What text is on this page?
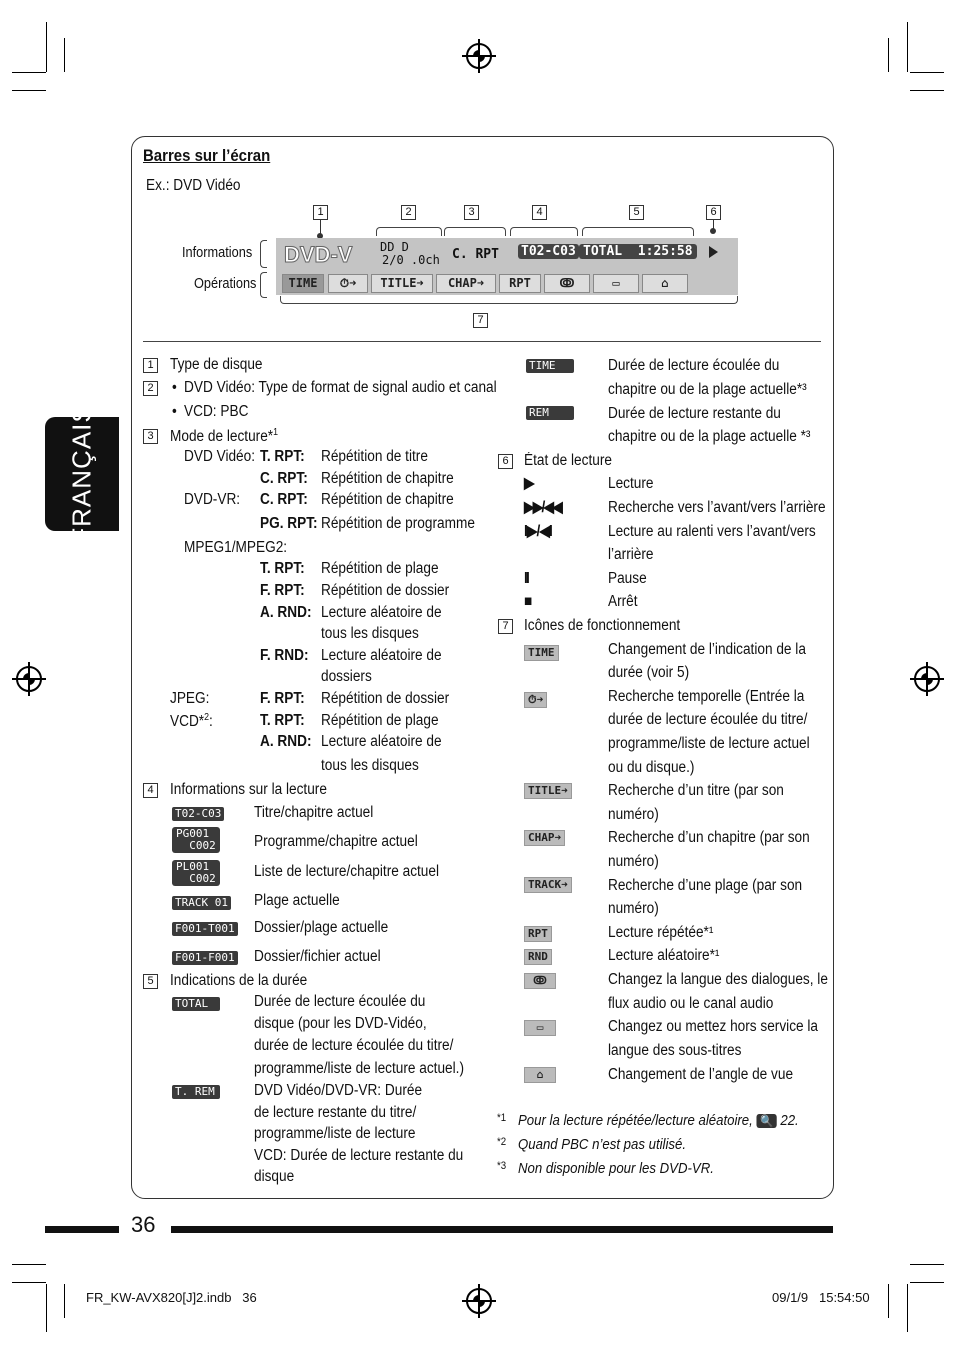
FRANÇAIS
Barres sur l’écran
Ex.: DVD Vidéo
1	2	3	4	5	6
Informations
Opérations
DVD-V DD D
2/0 .0ch C. RPT T02-C03 TOTAL  1:25:58
TIME	⏱➜	TITLE➜	CHAP➜	RPT	ↂ	▭	⌂
7
1 Type de disque
2 • DVD Vidéo: Type de format de signal audio et canal
• VCD: PBC
3 Mode de lecture*$^1$
DVD Vidéo: T. RPT: Répétition de titre
C. RPT: Répétition de chapitre
DVD-VR: C. RPT: Répétition de chapitre
PG. RPT: Répétition de programme
MPEG1/MPEG2:
T. RPT: Répétition de plage
F. RPT: Répétition de dossier
A. RND: Lecture aléatoire de
tous les disques
F. RND: Lecture aléatoire de
dossiers
JPEG:	F. RPT: Répétition de dossier
VCD*$^2$:	T. RPT: Répétition de plage
A. RND: Lecture aléatoire de
tous les disques
4 Informations sur la lecture
T02-C03 Titre/chapitre actuel
PG001
C002 Programme/chapitre actuel
PL001
C002 Liste de lecture/chapitre actuel
TRACK 01 Plage actuelle
F001-T001 Dossier/plage actuelle
F001-F001 Dossier/fichier actuel
5 Indications de la durée
TOTAL	Durée de lecture écoulée du
disque (pour les DVD-Vidéo,
durée de lecture écoulée du titre/
programme/liste de lecture actuel.)
T. REM	DVD Vidéo/DVD-VR: Durée
de lecture restante du titre/
programme/liste de lecture
VCD: Durée de lecture restante du
disque
TIME	Durée de lecture écoulée du
chapitre ou de la plage actuelle*³
REM	Durée de lecture restante du
chapitre ou de la plage actuelle *³
6 État de lecture
▶	Lecture
▶▶/◀◀	Recherche vers l’avant/vers l’arrière
I▶/◀I	Lecture au ralenti vers l’avant/vers
l’arrière
II	Pause
■	Arrêt
7 Icônes de fonctionnement
TIME	Changement de l’indication de la
durée (voir 5)
⏱➜	Recherche temporelle (Entrée la
durée de lecture écoulée du titre/
programme/liste de lecture actuel
ou du disque.)
TITLE➜	Recherche d’un titre (par son
numéro)
CHAP➜	Recherche d’un chapitre (par son
numéro)
TRACK➜	Recherche d’une plage (par son
numéro)
RPT	Lecture répétée*¹
RND	Lecture aléatoire*¹
ↂ	Changez la langue des dialogues, le
flux audio ou le canal audio
▭	Changez ou mettez hors service la
langue des sous-titres
⌂	Changement de l’angle de vue
*1 Pour la lecture répétée/lecture aléatoire, 🔍 22.
*2 Quand PBC n’est pas utilisé.
*3 Non disponible pour les DVD-VR.
36
FR_KW-AVX820[J]2.indb   36	09/1/9   15:54:50
